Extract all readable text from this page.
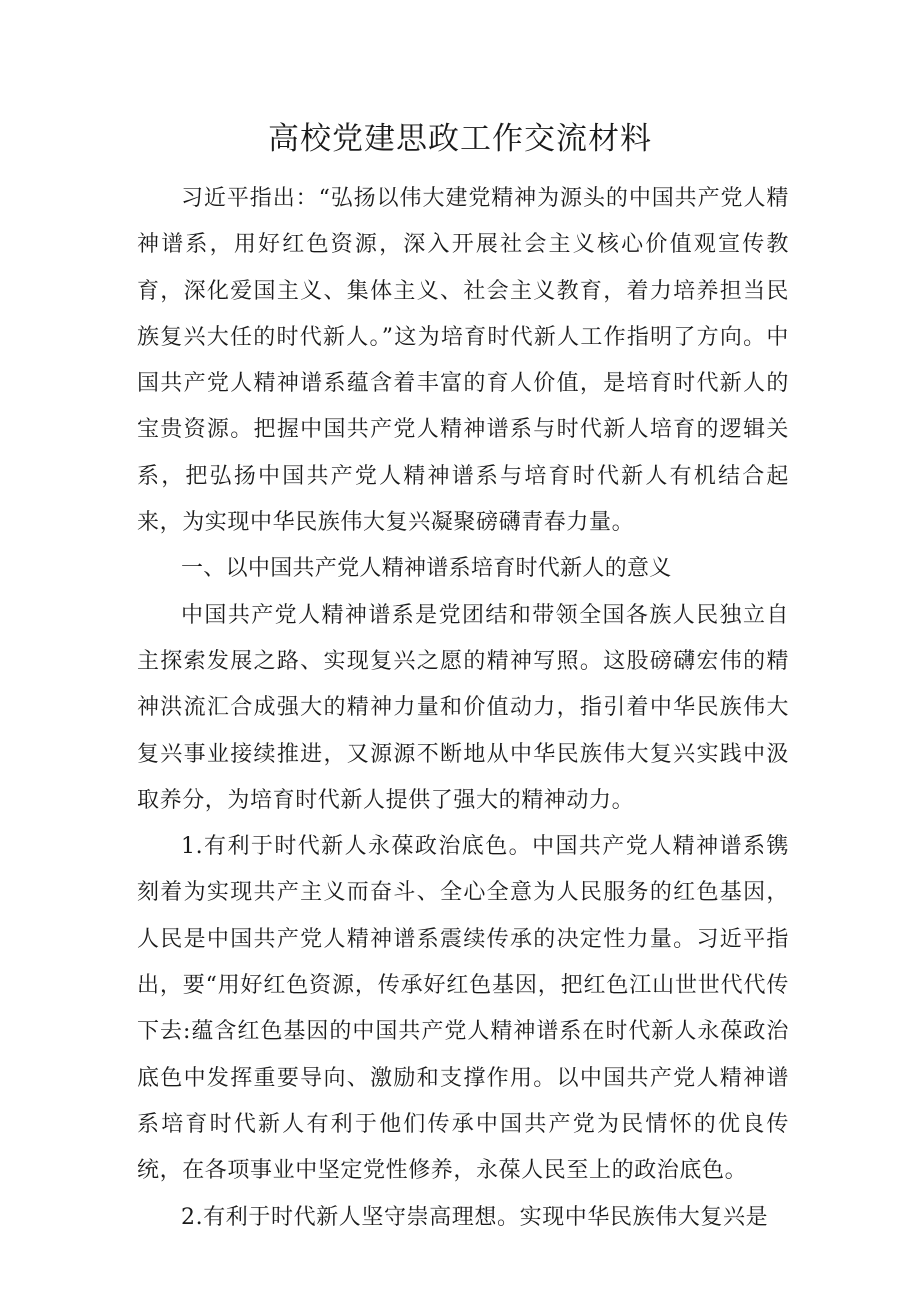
高校党建思政工作交流材料

习近平指出：“弘扬以伟大建党精神为源头的中国共产党人精神谱系，用好红色资源，深入开展社会主义核心价值观宣传教育，深化爱国主义、集体主义、社会主义教育，着力培养担当民族复兴大任的时代新人。”这为培育时代新人工作指明了方向。中国共产党人精神谱系蕴含着丰富的育人价值，是培育时代新人的宝贵资源。把握中国共产党人精神谱系与时代新人培育的逻辑关系，把弘扬中国共产党人精神谱系与培育时代新人有机结合起来，为实现中华民族伟大复兴凝聚磅礴青春力量。

一、以中国共产党人精神谱系培育时代新人的意义

中国共产党人精神谱系是党团结和带领全国各族人民独立自主探索发展之路、实现复兴之愿的精神写照。这股磅礴宏伟的精神洪流汇合成强大的精神力量和价值动力，指引着中华民族伟大复兴事业接续推进，又源源不断地从中华民族伟大复兴实践中汲取养分，为培育时代新人提供了强大的精神动力。

1.有利于时代新人永葆政治底色。中国共产党人精神谱系镌刻着为实现共产主义而奋斗、全心全意为人民服务的红色基因，人民是中国共产党人精神谱系震续传承的决定性力量。习近平指出，要“用好红色资源，传承好红色基因，把红色江山世世代代传下去:蕴含红色基因的中国共产党人精神谱系在时代新人永葆政治底色中发挥重要导向、激励和支撑作用。以中国共产党人精神谱系培育时代新人有利于他们传承中国共产党为民情怀的优良传统，在各项事业中坚定党性修养，永葆人民至上的政治底色。

2.有利于时代新人坚守崇高理想。实现中华民族伟大复兴是
